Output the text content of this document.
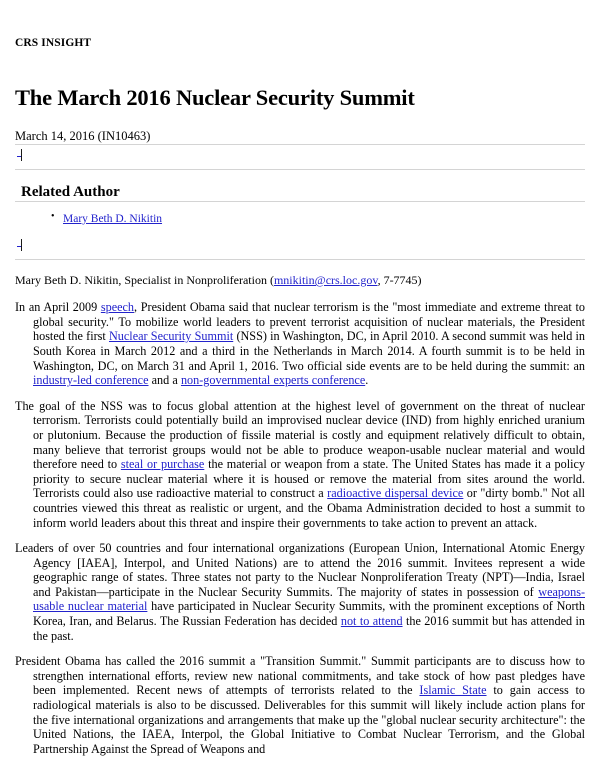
CRS INSIGHT
The March 2016 Nuclear Security Summit
March 14, 2016 (IN10463)
Related Author
• Mary Beth D. Nikitin
Mary Beth D. Nikitin, Specialist in Nonproliferation (mnikitin@crs.loc.gov, 7-7745)

In an April 2009 speech, President Obama said that nuclear terrorism is the "most immediate and extreme threat to global security." To mobilize world leaders to prevent terrorist acquisition of nuclear materials, the President hosted the first Nuclear Security Summit (NSS) in Washington, DC, in April 2010. A second summit was held in South Korea in March 2012 and a third in the Netherlands in March 2014. A fourth summit is to be held in Washington, DC, on March 31 and April 1, 2016. Two official side events are to be held during the summit: an industry-led conference and a non-governmental experts conference.

The goal of the NSS was to focus global attention at the highest level of government on the threat of nuclear terrorism. Terrorists could potentially build an improvised nuclear device (IND) from highly enriched uranium or plutonium. Because the production of fissile material is costly and equipment relatively difficult to obtain, many believe that terrorist groups would not be able to produce weapon-usable nuclear material and would therefore need to steal or purchase the material or weapon from a state. The United States has made it a policy priority to secure nuclear material where it is housed or remove the material from sites around the world. Terrorists could also use radioactive material to construct a radioactive dispersal device or "dirty bomb." Not all countries viewed this threat as realistic or urgent, and the Obama Administration decided to host a summit to inform world leaders about this threat and inspire their governments to take action to prevent an attack.

Leaders of over 50 countries and four international organizations (European Union, International Atomic Energy Agency [IAEA], Interpol, and United Nations) are to attend the 2016 summit. Invitees represent a wide geographic range of states. Three states not party to the Nuclear Nonproliferation Treaty (NPT)—India, Israel and Pakistan—participate in the Nuclear Security Summits. The majority of states in possession of weapons-usable nuclear material have participated in Nuclear Security Summits, with the prominent exceptions of North Korea, Iran, and Belarus. The Russian Federation has decided not to attend the 2016 summit but has attended in the past.

President Obama has called the 2016 summit a "Transition Summit." Summit participants are to discuss how to strengthen international efforts, review new national commitments, and take stock of how past pledges have been implemented. Recent news of attempts of terrorists related to the Islamic State to gain access to radiological materials is also to be discussed. Deliverables for this summit will likely include action plans for the five international organizations and arrangements that make up the "global nuclear security architecture": the United Nations, the IAEA, Interpol, the Global Initiative to Combat Nuclear Terrorism, and the Global Partnership Against the Spread of Weapons and
